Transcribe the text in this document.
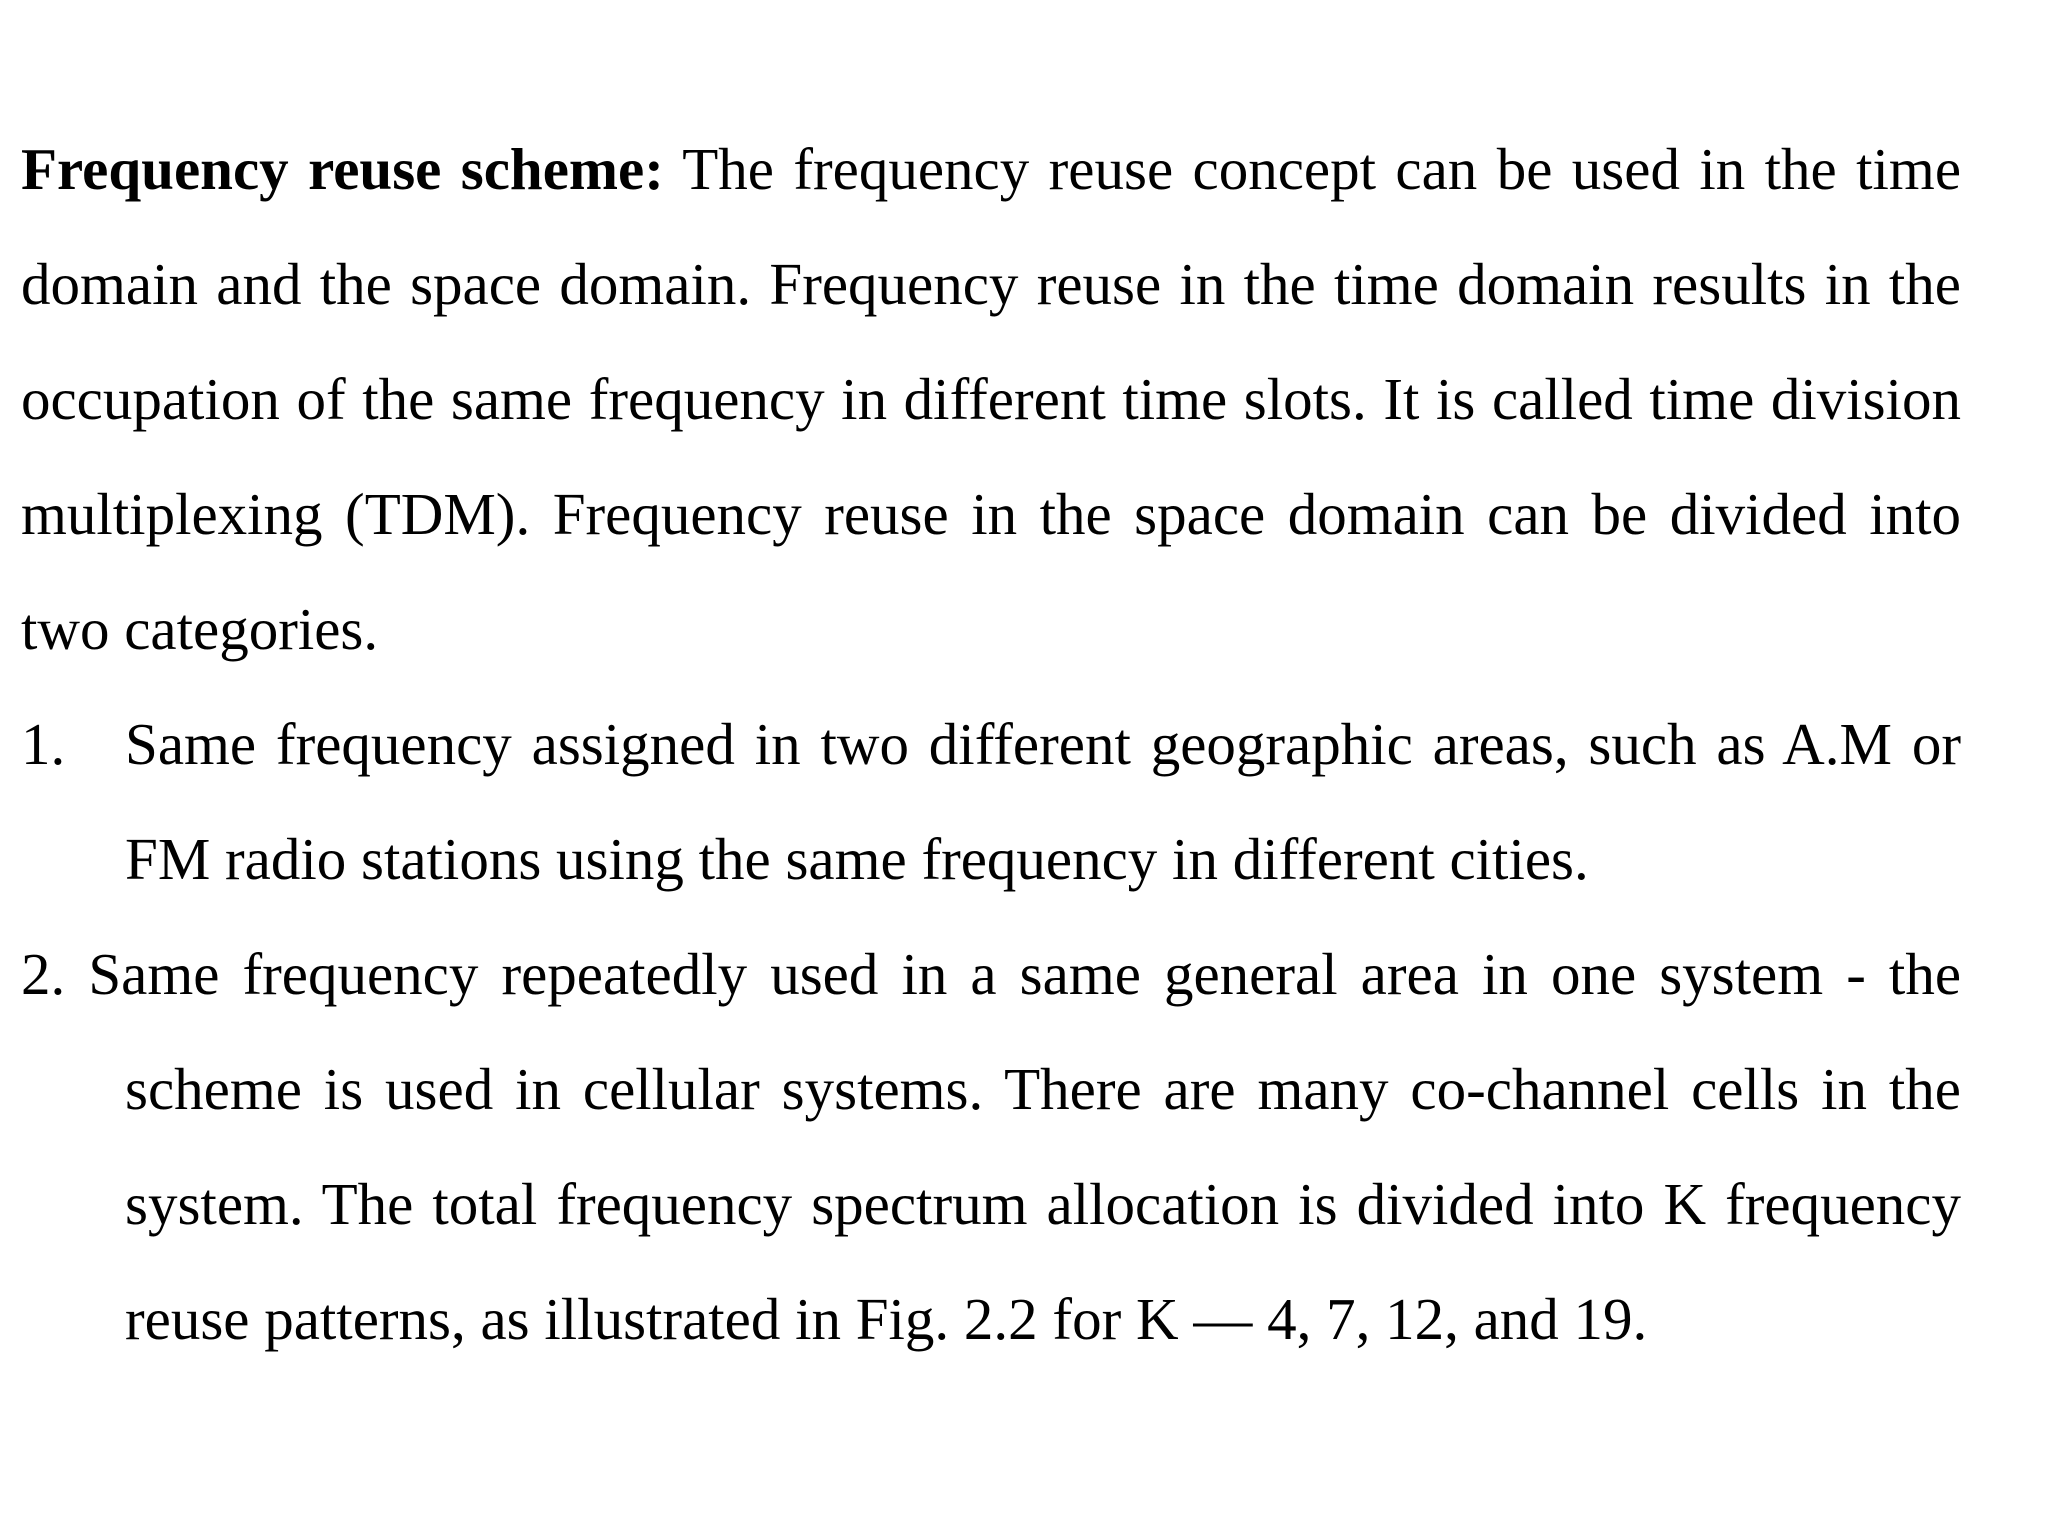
Frequency reuse scheme: The frequency reuse concept can be used in the time domain and the space domain. Frequency reuse in the time domain results in the occupation of the same frequency in different time slots. It is called time division multiplexing (TDM). Frequency reuse in the space domain can be divided into two categories.

1. Same frequency assigned in two different geographic areas, such as A.M or FM radio stations using the same frequency in different cities.
2. Same frequency repeatedly used in a same general area in one system - the scheme is used in cellular systems. There are many co-channel cells in the system. The total frequency spectrum allocation is divided into K frequency reuse patterns, as illustrated in Fig. 2.2 for K — 4, 7, 12, and 19.
